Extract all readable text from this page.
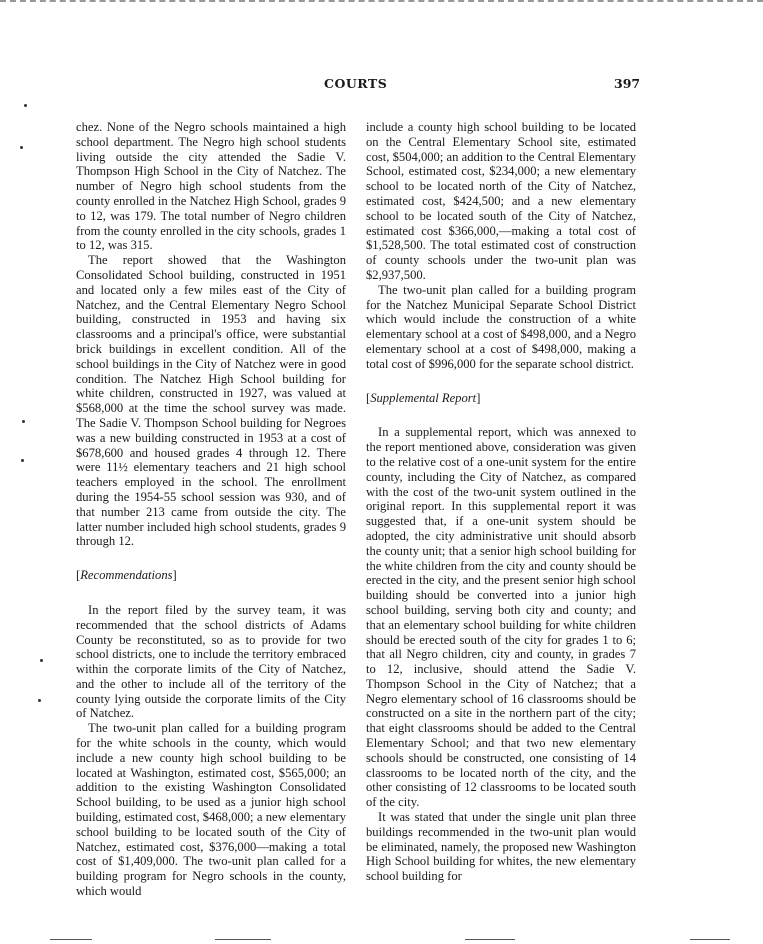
COURTS	397

chez. None of the Negro schools maintained a high school department. The Negro high school students living outside the city attended the Sadie V. Thompson High School in the City of Natchez. The number of Negro high school students from the county enrolled in the Natchez High School, grades 9 to 12, was 179. The total number of Negro children from the county enrolled in the city schools, grades 1 to 12, was 315.

The report showed that the Washington Consolidated School building, constructed in 1951 and located only a few miles east of the City of Natchez, and the Central Elementary Negro School building, constructed in 1953 and having six classrooms and a principal's office, were substantial brick buildings in excellent condition. All of the school buildings in the City of Natchez were in good condition. The Natchez High School building for white children, constructed in 1927, was valued at $568,000 at the time the school survey was made. The Sadie V. Thompson School building for Negroes was a new building constructed in 1953 at a cost of $678,600 and housed grades 4 through 12. There were 11½ elementary teachers and 21 high school teachers employed in the school. The enrollment during the 1954-55 school session was 930, and of that number 213 came from outside the city. The latter number included high school students, grades 9 through 12.

[Recommendations]

In the report filed by the survey team, it was recommended that the school districts of Adams County be reconstituted, so as to provide for two school districts, one to include the territory embraced within the corporate limits of the City of Natchez, and the other to include all of the territory of the county lying outside the corporate limits of the City of Natchez.

The two-unit plan called for a building program for the white schools in the county, which would include a new county high school building to be located at Washington, estimated cost, $565,000; an addition to the existing Washington Consolidated School building, to be used as a junior high school building, estimated cost, $468,000; a new elementary school building to be located south of the City of Natchez, estimated cost, $376,000—making a total cost of $1,409,000. The two-unit plan called for a building program for Negro schools in the county, which would

include a county high school building to be located on the Central Elementary School site, estimated cost, $504,000; an addition to the Central Elementary School, estimated cost, $234,000; a new elementary school to be located north of the City of Natchez, estimated cost, $424,500; and a new elementary school to be located south of the City of Natchez, estimated cost $366,000,—making a total cost of $1,528,500. The total estimated cost of construction of county schools under the two-unit plan was $2,937,500.

The two-unit plan called for a building program for the Natchez Municipal Separate School District which would include the construction of a white elementary school at a cost of $498,000, and a Negro elementary school at a cost of $498,000, making a total cost of $996,000 for the separate school district.

[Supplemental Report]

In a supplemental report, which was annexed to the report mentioned above, consideration was given to the relative cost of a one-unit system for the entire county, including the City of Natchez, as compared with the cost of the two-unit system outlined in the original report. In this supplemental report it was suggested that, if a one-unit system should be adopted, the city administrative unit should absorb the county unit; that a senior high school building for the white children from the city and county should be erected in the city, and the present senior high school building should be converted into a junior high school building, serving both city and county; and that an elementary school building for white children should be erected south of the city for grades 1 to 6; that all Negro children, city and county, in grades 7 to 12, inclusive, should attend the Sadie V. Thompson School in the City of Natchez; that a Negro elementary school of 16 classrooms should be constructed on a site in the northern part of the city; that eight classrooms should be added to the Central Elementary School; and that two new elementary schools should be constructed, one consisting of 14 classrooms to be located north of the city, and the other consisting of 12 classrooms to be located south of the city.

It was stated that under the single unit plan three buildings recommended in the two-unit plan would be eliminated, namely, the proposed new Washington High School building for whites, the new elementary school building for
